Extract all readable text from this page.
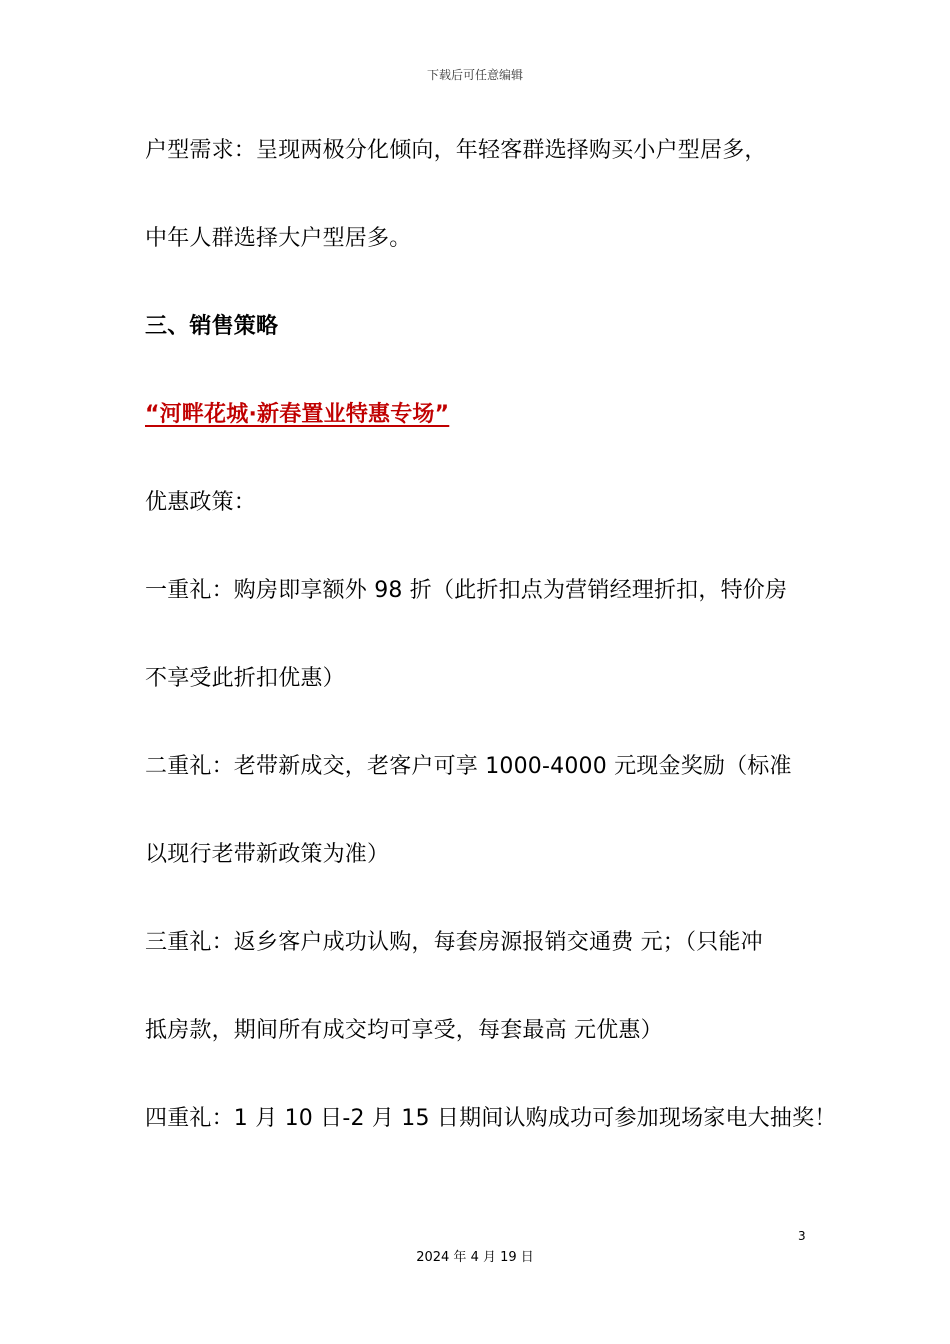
下载后可任意编辑
户型需求：呈现两极分化倾向，年轻客群选择购买小户型居多，
中年人群选择大户型居多。
三、销售策略
“河畔花城·新春置业特惠专场”
优惠政策：
一重礼：购房即享额外 98 折（此折扣点为营销经理折扣，特价房
不享受此折扣优惠）
二重礼：老带新成交，老客户可享 1000-4000 元现金奖励（标准
以现行老带新政策为准）
三重礼：返乡客户成功认购，每套房源报销交通费 元；（只能冲
抵房款，期间所有成交均可享受，每套最高 元优惠）
四重礼：1 月 10 日-2 月 15 日期间认购成功可参加现场家电大抽奖！
3
2024 年 4 月 19 日
